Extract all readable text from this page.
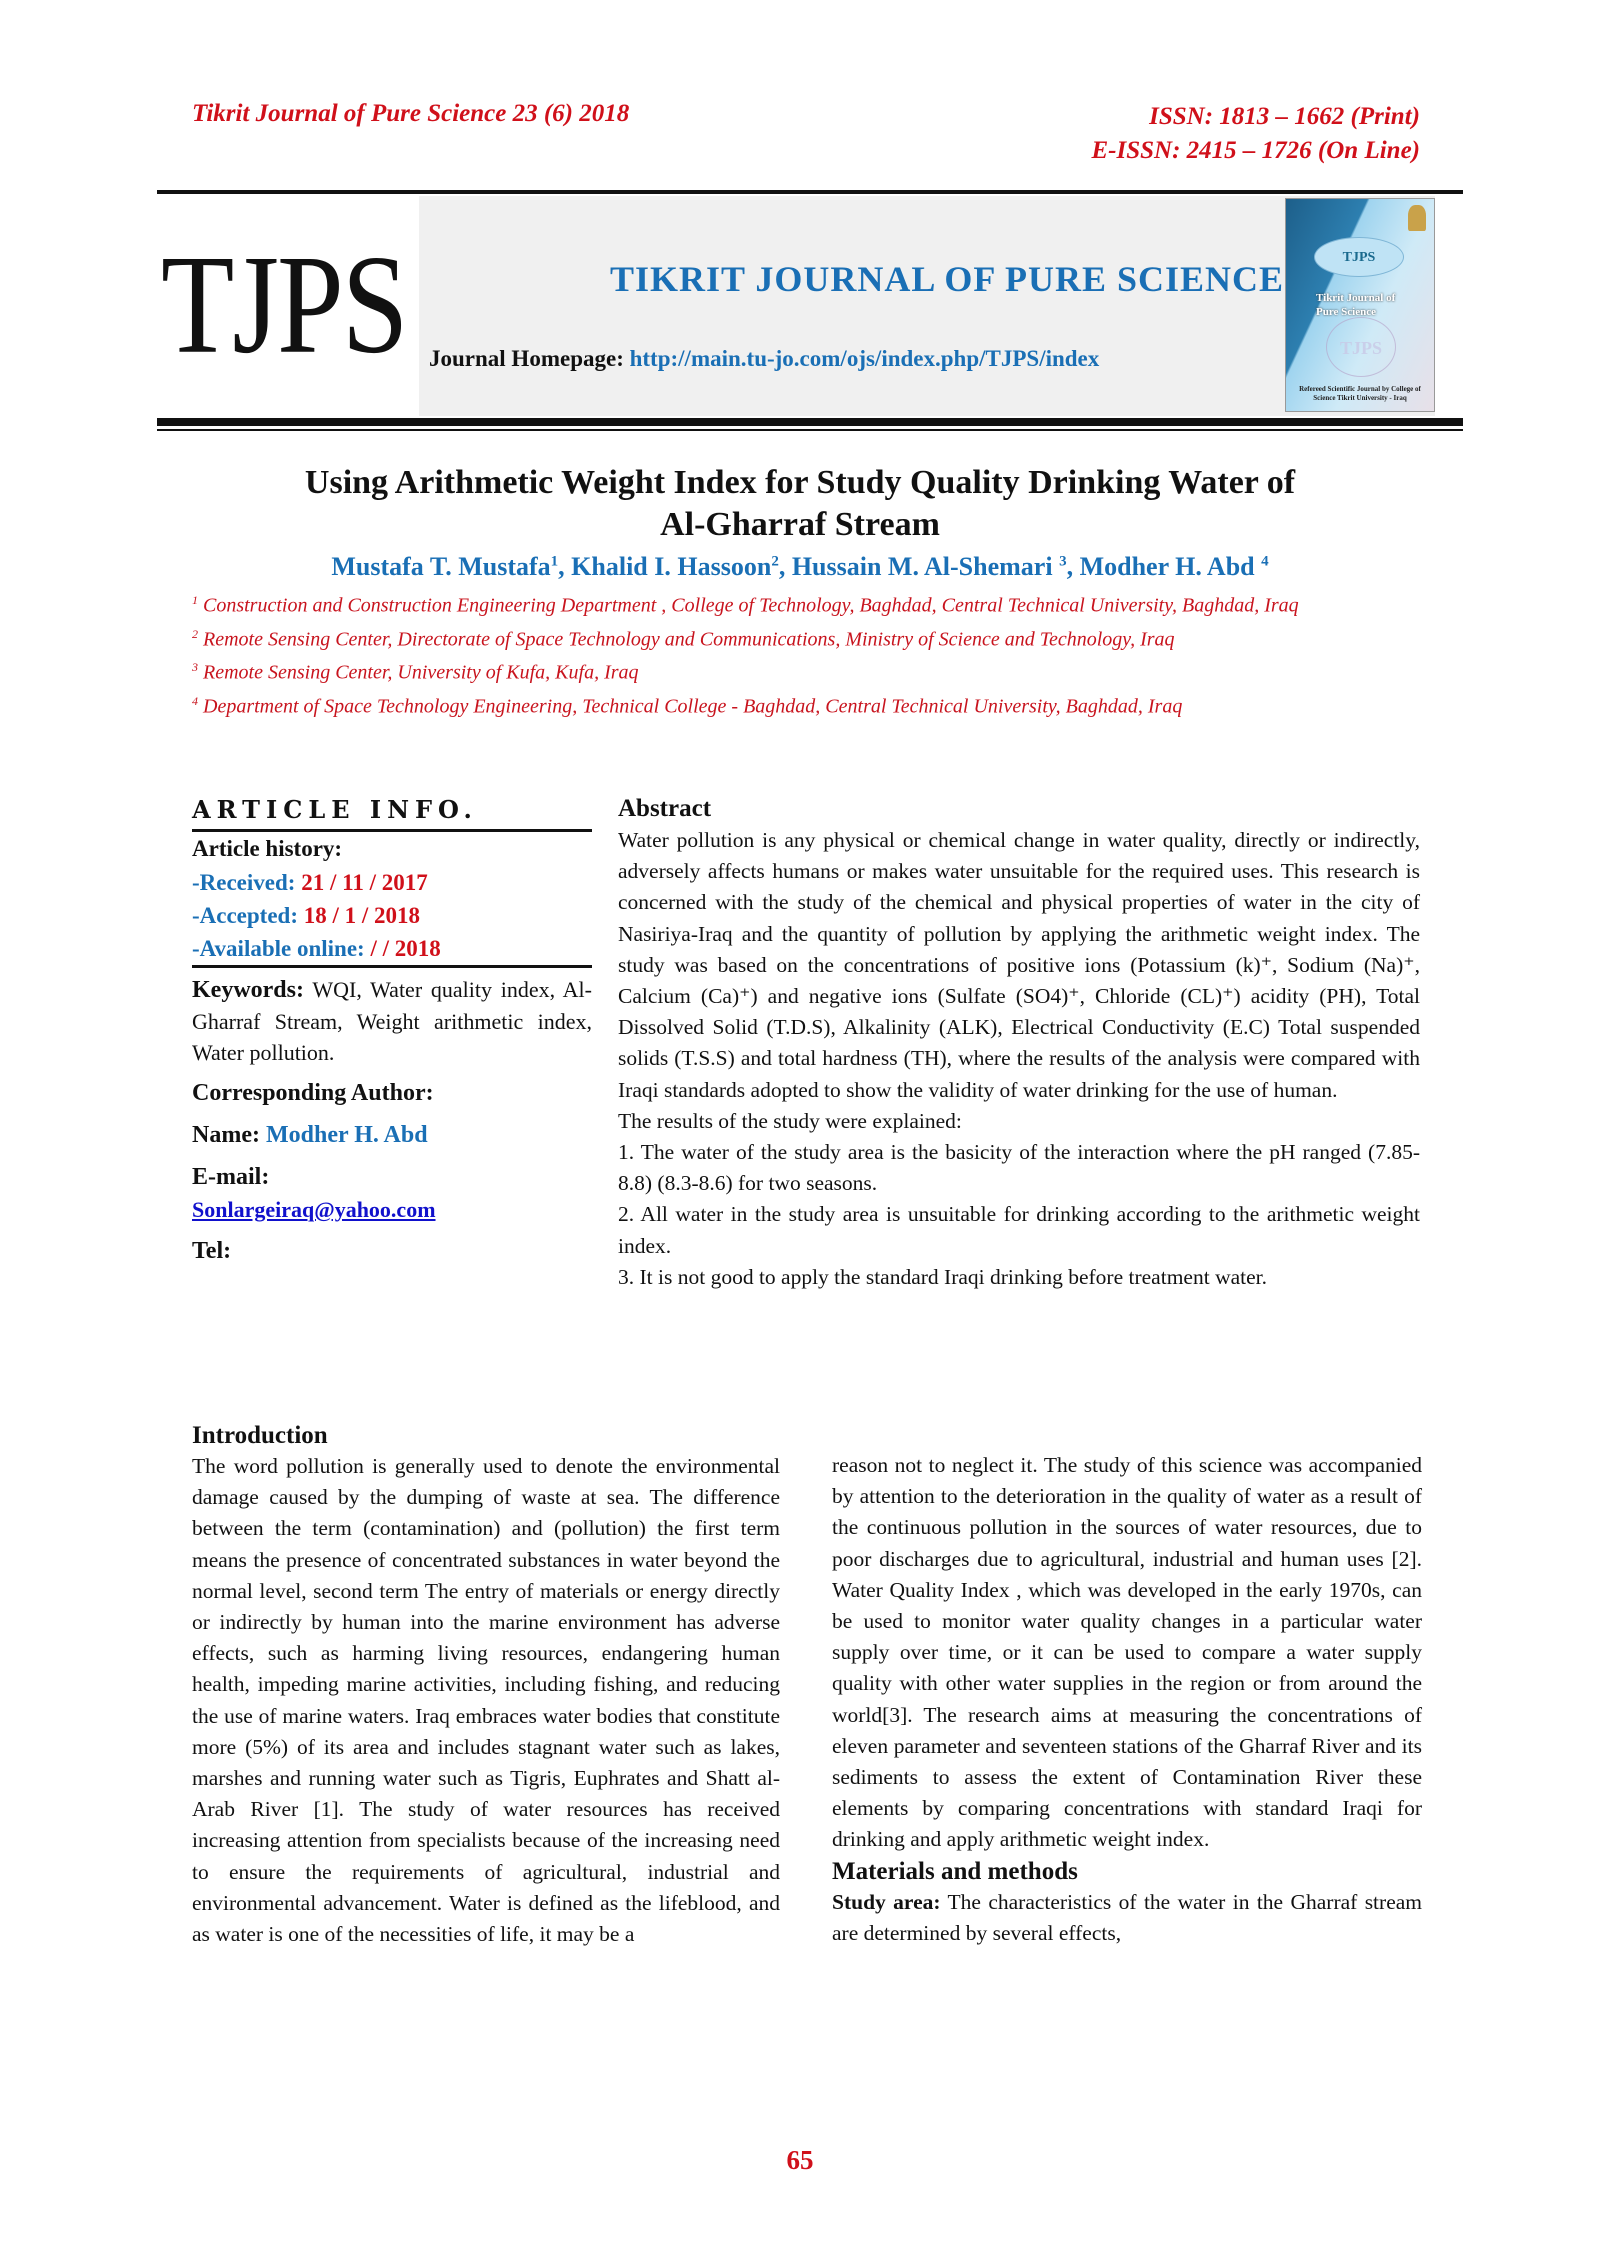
Tikrit Journal of Pure Science 23 (6) 2018	ISSN: 1813 – 1662 (Print)
E-ISSN: 2415 – 1726 (On Line)
TJPS	TIKRIT JOURNAL OF PURE SCIENCE
Journal Homepage: http://main.tu-jo.com/ojs/index.php/TJPS/index
TJPS
Tikrit Journal of
Pure Science
TJPS
Refereed Scientific Journal by College of Science Tikrit University - Iraq
Using Arithmetic Weight Index for Study Quality Drinking Water of
Al-Gharraf Stream
Mustafa T. Mustafa$^1$, Khalid I. Hassoon$^2$, Hussain M. Al-Shemari $^3$, Modher H. Abd $^4$
$^1$ Construction and Construction Engineering Department , College of Technology, Baghdad, Central Technical University, Baghdad, Iraq
$^2$ Remote Sensing Center, Directorate of Space Technology and Communications, Ministry of Science and Technology, Iraq
$^3$ Remote Sensing Center, University of Kufa, Kufa, Iraq
$^4$ Department of Space Technology Engineering, Technical College - Baghdad, Central Technical University, Baghdad, Iraq
ARTICLE INFO.
Article history:
-Received: 21 / 11 / 2017
-Accepted: 18 / 1 / 2018
-Available online: / / 2018
Keywords: WQI, Water quality index, Al-Gharraf Stream, Weight arithmetic index, Water pollution.
Corresponding Author:
Name: Modher H. Abd
E-mail:
Sonlargeiraq@yahoo.com
Tel:
Abstract

Water pollution is any physical or chemical change in water quality, directly or indirectly, adversely affects humans or makes water unsuitable for the required uses. This research is concerned with the study of the chemical and physical properties of water in the city of Nasiriya-Iraq and the quantity of pollution by applying the arithmetic weight index. The study was based on the concentrations of positive ions (Potassium (k)⁺, Sodium (Na)⁺, Calcium (Ca)⁺) and negative ions (Sulfate (SO4)⁺, Chloride (CL)⁺) acidity (PH), Total Dissolved Solid (T.D.S), Alkalinity (ALK), Electrical Conductivity (E.C) Total suspended solids (T.S.S) and total hardness (TH), where the results of the analysis were compared with Iraqi standards adopted to show the validity of water drinking for the use of human.

The results of the study were explained:

1. The water of the study area is the basicity of the interaction where the pH ranged (7.85-8.8) (8.3-8.6) for two seasons.

2. All water in the study area is unsuitable for drinking according to the arithmetic weight index.

3. It is not good to apply the standard Iraqi drinking before treatment water.

Introduction

The word pollution is generally used to denote the environmental damage caused by the dumping of waste at sea. The difference between the term (contamination) and (pollution) the first term means the presence of concentrated substances in water beyond the normal level, second term The entry of materials or energy directly or indirectly by human into the marine environment has adverse effects, such as harming living resources, endangering human health, impeding marine activities, including fishing, and reducing the use of marine waters. Iraq embraces water bodies that constitute more (5%) of its area and includes stagnant water such as lakes, marshes and running water such as Tigris, Euphrates and Shatt al-Arab River [1]. The study of water resources has received increasing attention from specialists because of the increasing need to ensure the requirements of agricultural, industrial and environmental advancement. Water is defined as the lifeblood, and as water is one of the necessities of life, it may be a

reason not to neglect it. The study of this science was accompanied by attention to the deterioration in the quality of water as a result of the continuous pollution in the sources of water resources, due to poor discharges due to agricultural, industrial and human uses [2]. Water Quality Index , which was developed in the early 1970s, can be used to monitor water quality changes in a particular water supply over time, or it can be used to compare a water supply quality with other water supplies in the region or from around the world[3]. The research aims at measuring the concentrations of eleven parameter and seventeen stations of the Gharraf River and its sediments to assess the extent of Contamination River these elements by comparing concentrations with standard Iraqi for drinking and apply arithmetic weight index.

Materials and methods

Study area: The characteristics of the water in the Gharraf stream are determined by several effects,

65
